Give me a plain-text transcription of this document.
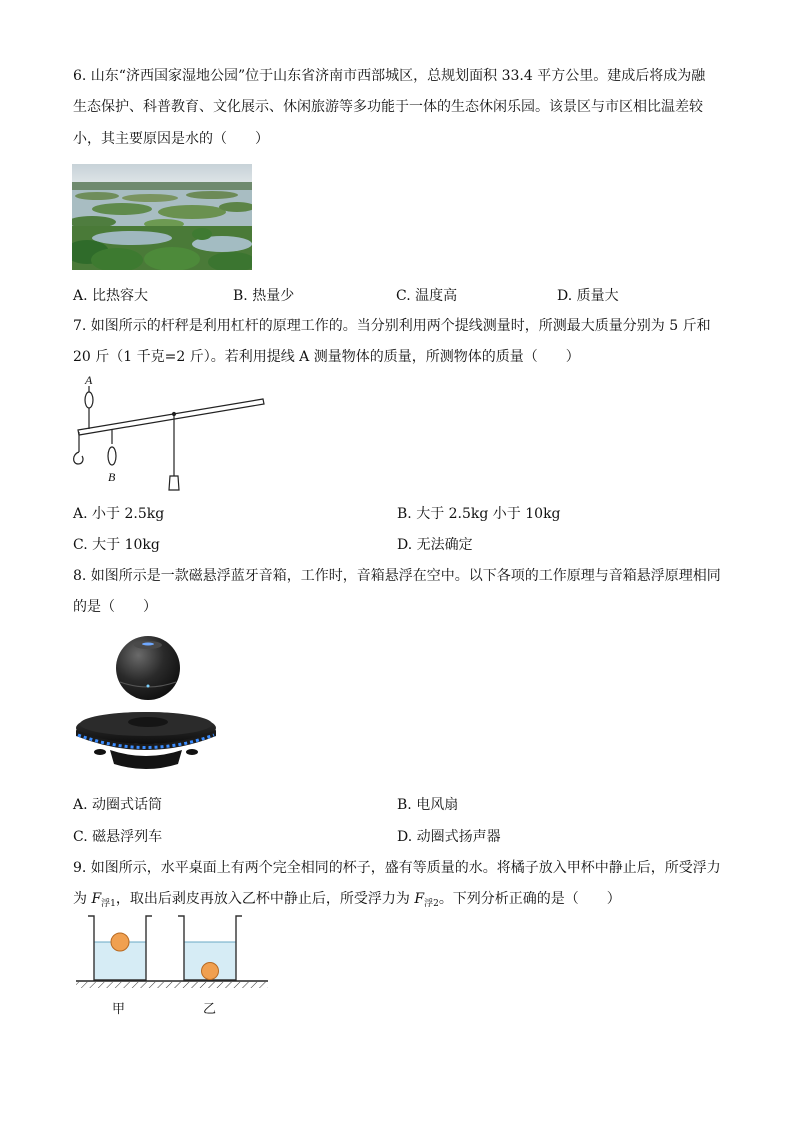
6. 山东“济西国家湿地公园”位于山东省济南市西部城区，总规划面积 33.4 平方公里。建成后将成为融
生态保护、科普教育、文化展示、休闲旅游等多功能于一体的生态休闲乐园。该景区与市区相比温差较
小，其主要原因是水的（　　）
A. 比热容大	B. 热量少	C. 温度高	D. 质量大
7. 如图所示的杆秤是利用杠杆的原理工作的。当分别利用两个提线测量时，所测最大质量分别为 5 斤和
20 斤（1 千克=2 斤）。若利用提线 A 测量物体的质量，所测物体的质量（　　）
A
B
A. 小于 2.5kg	B. 大于 2.5kg 小于 10kg
C. 大于 10kg	D. 无法确定
8. 如图所示是一款磁悬浮蓝牙音箱，工作时，音箱悬浮在空中。以下各项的工作原理与音箱悬浮原理相同
的是（　　）
A. 动圈式话筒	B. 电风扇
C. 磁悬浮列车	D. 动圈式扬声器
9. 如图所示，水平桌面上有两个完全相同的杯子，盛有等质量的水。将橘子放入甲杯中静止后，所受浮力
为 $F_{浮1}$，取出后剥皮再放入乙杯中静止后，所受浮力为 $F_{浮2}$。下列分析正确的是（　　）
甲	乙
